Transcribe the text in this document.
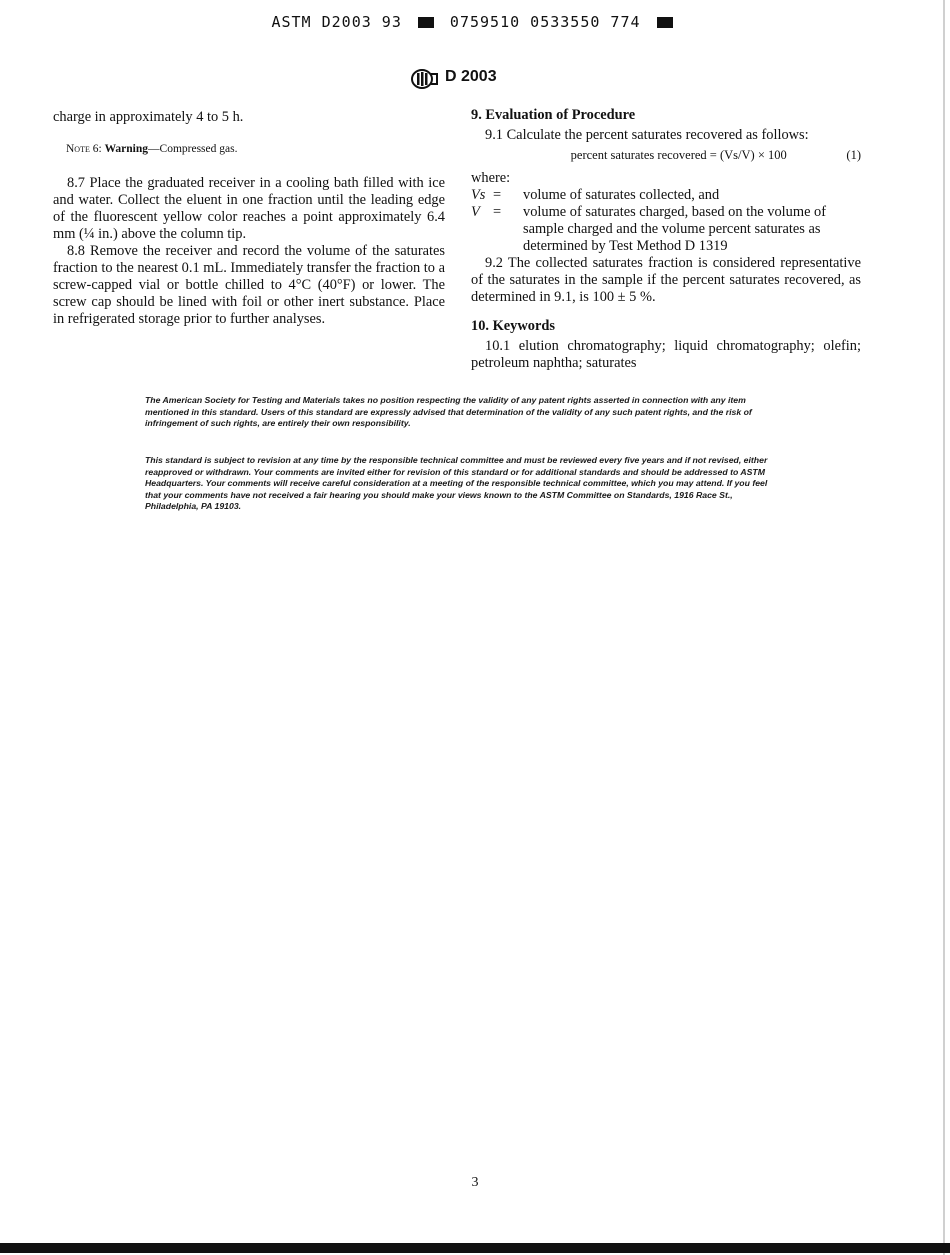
ASTM D2003 93	0759510 0533550 774
D 2003
charge in approximately 4 to 5 h.
Note 6: Warning—Compressed gas.
8.7 Place the graduated receiver in a cooling bath filled with ice and water. Collect the eluent in one fraction until the leading edge of the fluorescent yellow color reaches a point approximately 6.4 mm (¼ in.) above the column tip.
8.8 Remove the receiver and record the volume of the saturates fraction to the nearest 0.1 mL. Immediately transfer the fraction to a screw-capped vial or bottle chilled to 4°C (40°F) or lower. The screw cap should be lined with foil or other inert substance. Place in refrigerated storage prior to further analyses.
9. Evaluation of Procedure
9.1 Calculate the percent saturates recovered as follows:
percent saturates recovered = (Vs/V) × 100	(1)
where:
Vs =	volume of saturates collected, and
V =	volume of saturates charged, based on the volume of sample charged and the volume percent saturates as determined by Test Method D 1319
9.2 The collected saturates fraction is considered representative of the saturates in the sample if the percent saturates recovered, as determined in 9.1, is 100 ± 5 %.
10. Keywords
10.1 elution chromatography; liquid chromatography; olefin; petroleum naphtha; saturates
The American Society for Testing and Materials takes no position respecting the validity of any patent rights asserted in connection with any item mentioned in this standard. Users of this standard are expressly advised that determination of the validity of any such patent rights, and the risk of infringement of such rights, are entirely their own responsibility.
This standard is subject to revision at any time by the responsible technical committee and must be reviewed every five years and if not revised, either reapproved or withdrawn. Your comments are invited either for revision of this standard or for additional standards and should be addressed to ASTM Headquarters. Your comments will receive careful consideration at a meeting of the responsible technical committee, which you may attend. If you feel that your comments have not received a fair hearing you should make your views known to the ASTM Committee on Standards, 1916 Race St., Philadelphia, PA 19103.
3
